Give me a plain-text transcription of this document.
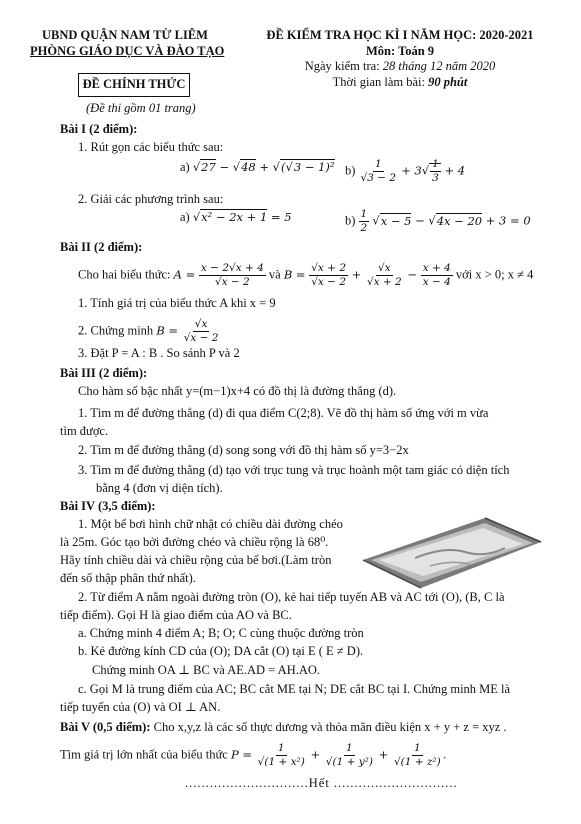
UBND QUẬN NAM TỪ LIÊM
PHÒNG GIÁO DỤC VÀ ĐÀO TẠO
ĐỀ KIỂM TRA HỌC KÌ I NĂM HỌC: 2020-2021
Môn: Toán 9
Ngày kiểm tra: 28 tháng 12 năm 2020
Thời gian làm bài: 90 phút
ĐỀ CHÍNH THỨC
(Đề thi gồm 01 trang)
Bài I (2 điểm):
1. Rút gọn các biểu thức sau:
a) √27 − √48 + √(√3 − 1)² $b) \frac{1}{√3 - 2} + 3√ \frac{1}{3} + 4$
2. Giải các phương trình sau:
a) √x² − 2x + 1 = 5	$b) \frac{1}{2} √x - 5 - √4x - 20 + 3 = 0$
Bài II (2 điểm):
Cho hai biểu thức: $A = \frac{x - 2√x + 4}{√x - 2}$ và $B = \frac{√x + 2}{√x - 2} + \frac{√x}{√x + 2} - \frac{x + 4}{x - 4}$ với x > 0; x ≠ 4
1. Tính giá trị của biểu thức A khi x = 9
2. Chứng minh $B = \frac{√x}{√x - 2}$
3. Đặt P = A : B . So sánh P và 2
Bài III (2 điểm):
Cho hàm số bậc nhất y=(m−1)x+4 có đồ thị là đường thẳng (d).
1. Tìm m để đường thẳng (d) đi qua điểm C(2;8). Vẽ đồ thị hàm số ứng với m vừa
tìm được.
2. Tìm m để đường thẳng (d) song song với đồ thị hàm số y=3−2x
3. Tìm m để đường thẳng (d) tạo với trục tung và trục hoành một tam giác có diện tích
bằng 4 (đơn vị diện tích).
Bài IV (3,5 điểm):
1. Một bể bơi hình chữ nhật có chiều dài đường chéo
là 25m. Góc tạo bởi đường chéo và chiều rộng là 68⁰.
Hãy tính chiều dài và chiều rộng của bể bơi.(Làm tròn
đến số thập phân thứ nhất).
2. Từ điểm A nằm ngoài đường tròn (O), kẻ hai tiếp tuyến AB và AC tới (O), (B, C là
tiếp điểm). Gọi H là giao điểm của AO và BC.
a. Chứng minh 4 điểm A; B; O; C cùng thuộc đường tròn
b. Kẻ đường kính CD của (O); DA cắt (O) tại E ( E ≠ D).
Chứng minh OA ⊥ BC và AE.AD = AH.AO.
c. Gọi M là trung điểm của AC; BC cắt ME tại N; DE cắt BC tại I. Chứng minh ME là
tiếp tuyến của (O) và OI ⊥ AN.
Bài V (0,5 điểm): Cho x,y,z là các số thực dương và thỏa mãn điều kiện x + y + z = xyz .
Tìm giá trị lớn nhất của biểu thức $P = \frac{1}{\text{√(1 + x²)}} + \frac{1}{\text{√(1 + y²)}} + \frac{1}{\text{√(1 + z²)}}$ .
..............................Hết ..............................
